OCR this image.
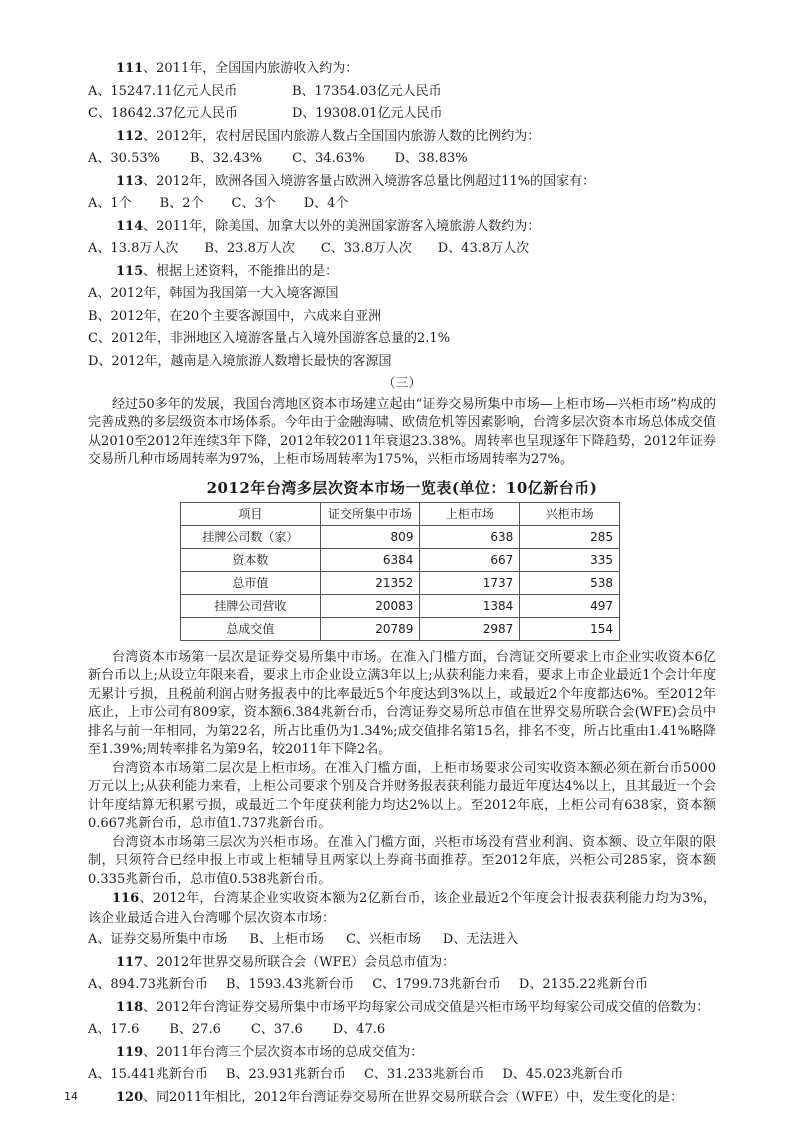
111、2011年，全国国内旅游收入约为：
A、15247.11亿元人民币	B、17354.03亿元人民币
C、18642.37亿元人民币	D、19308.01亿元人民币
112、2012年，农村居民国内旅游人数占全国国内旅游人数的比例约为：
A、30.53% B、32.43% C、34.63% D、38.83%
113、2012年，欧洲各国入境游客量占欧洲入境游客总量比例超过11%的国家有：
A、1个 B、2个 C、3个 D、4个
114、2011年，除美国、加拿大以外的美洲国家游客入境旅游人数约为：
A、13.8万人次 B、23.8万人次 C、33.8万人次 D、43.8万人次
115、根据上述资料，不能推出的是：
A、2012年，韩国为我国第一大入境客源国
B、2012年，在20个主要客源国中，六成来自亚洲
C、2012年，非洲地区入境游客量占入境外国游客总量的2.1%
D、2012年，越南是入境旅游人数增长最快的客源国
（三）

经过50多年的发展，我国台湾地区资本市场建立起由“证券交易所集中市场—上柜市场—兴柜市场”构成的完善成熟的多层级资本市场体系。今年由于金融海啸、欧债危机等因素影响，台湾多层次资本市场总体成交值从2010至2012年连续3年下降，2012年较2011年衰退23.38%。周转率也呈现逐年下降趋势，2012年证券交易所几种市场周转率为97%，上柜市场周转率为175%，兴柜市场周转率为27%。

2012年台湾多层次资本市场一览表(单位：10亿新台币)
项目	证交所集中市场	上柜市场	兴柜市场
挂牌公司数（家）	809	638	285
资本数	6384	667	335
总市值	21352	1737	538
挂牌公司营收	20083	1384	497
总成交值	20789	2987	154

台湾资本市场第一层次是证券交易所集中市场。在准入门槛方面，台湾证交所要求上市企业实收资本6亿新台币以上;从设立年限来看，要求上市企业设立满3年以上;从获利能力来看，要求上市企业最近1个会计年度无累计亏损，且税前利润占财务报表中的比率最近5个年度达到3%以上，或最近2个年度都达6%。至2012年底止，上市公司有809家，资本额6.384兆新台币，台湾证券交易所总市值在世界交易所联合会(WFE)会员中排名与前一年相同，为第22名，所占比重仍为1.34%;成交值排名第15名，排名不变，所占比重由1.41%略降至1.39%;周转率排名为第9名，较2011年下降2名。

台湾资本市场第二层次是上柜市场。在准入门槛方面，上柜市场要求公司实收资本额必须在新台币5000万元以上;从获利能力来看，上柜公司要求个别及合并财务报表获利能力最近年度达4%以上，且其最近一个会计年度结算无积累亏损，或最近二个年度获利能力均达2%以上。至2012年底，上柜公司有638家，资本额0.667兆新台币，总市值1.737兆新台币。

台湾资本市场第三层次为兴柜市场。在准入门槛方面，兴柜市场没有营业利润、资本额、设立年限的限制，只须符合已经申报上市或上柜辅导且两家以上券商书面推荐。至2012年底，兴柜公司285家，资本额0.335兆新台币，总市值0.538兆新台币。

116、2012年，台湾某企业实收资本额为2亿新台币，该企业最近2个年度会计报表获利能力均为3%，该企业最适合进入台湾哪个层次资本市场：

A、证券交易所集中市场 B、上柜市场 C、兴柜市场 D、无法进入
117、2012年世界交易所联合会（WFE）会员总市值为：
A、894.73兆新台币 B、1593.43兆新台币 C、1799.73兆新台币 D、2135.22兆新台币
118、2012年台湾证券交易所集中市场平均每家公司成交值是兴柜市场平均每家公司成交值的倍数为：
A、17.6 B、27.6 C、37.6 D、47.6
119、2011年台湾三个层次资本市场的总成交值为：
A、15.441兆新台币 B、23.931兆新台币 C、31.233兆新台币 D、45.023兆新台币
120、同2011年相比，2012年台湾证券交易所在世界交易所联合会（WFE）中，发生变化的是：
14
